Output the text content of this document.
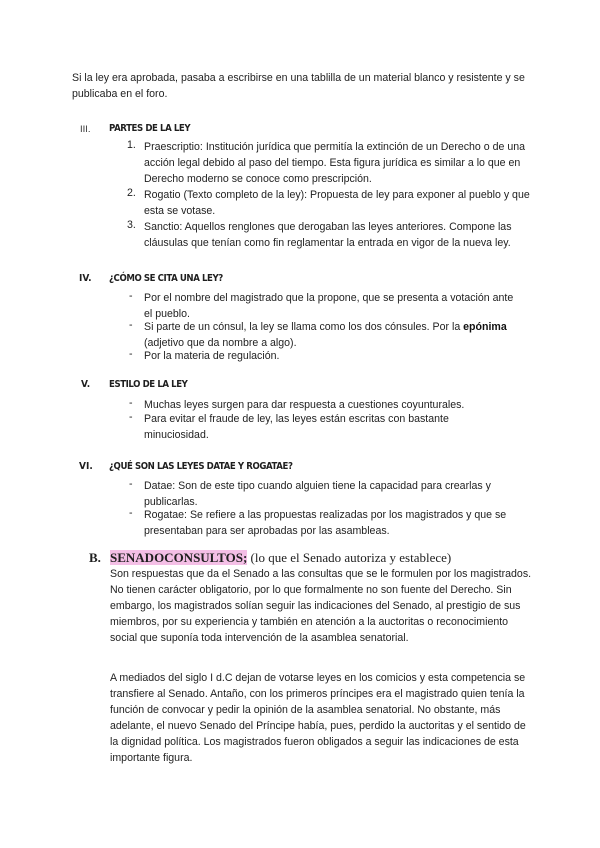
Si la ley era aprobada, pasaba a escribirse en una tablilla de un material blanco y resistente y se publicaba en el foro.
III. PARTES DE LA LEY
1. Praescriptio: Institución jurídica que permitía la extinción de un Derecho o de una acción legal debido al paso del tiempo. Esta figura jurídica es similar a lo que en Derecho moderno se conoce como prescripción.
2. Rogatio (Texto completo de la ley): Propuesta de ley para exponer al pueblo y que esta se votase.
3. Sanctio: Aquellos renglones que derogaban las leyes anteriores. Compone las cláusulas que tenían como fin reglamentar la entrada en vigor de la nueva ley.
IV. ¿CÓMO SE CITA UNA LEY?
- Por el nombre del magistrado que la propone, que se presenta a votación ante el pueblo.
- Si parte de un cónsul, la ley se llama como los dos cónsules. Por la epónima (adjetivo que da nombre a algo).
- Por la materia de regulación.
V. ESTILO DE LA LEY
- Muchas leyes surgen para dar respuesta a cuestiones coyunturales.
- Para evitar el fraude de ley, las leyes están escritas con bastante minuciosidad.
VI. ¿QUÉ SON LAS LEYES DATAE Y ROGATAE?
- Datae: Son de este tipo cuando alguien tiene la capacidad para crearlas y publicarlas.
- Rogatae: Se refiere a las propuestas realizadas por los magistrados y que se presentaban para ser aprobadas por las asambleas.
B. SENADOCONSULTOS; (lo que el Senado autoriza y establece)
Son respuestas que da el Senado a las consultas que se le formulen por los magistrados. No tienen carácter obligatorio, por lo que formalmente no son fuente del Derecho. Sin embargo, los magistrados solían seguir las indicaciones del Senado, al prestigio de sus miembros, por su experiencia y también en atención a la auctoritas o reconocimiento social que suponía toda intervención de la asamblea senatorial.
A mediados del siglo I d.C dejan de votarse leyes en los comicios y esta competencia se transfiere al Senado. Antaño, con los primeros príncipes era el magistrado quien tenía la función de convocar y pedir la opinión de la asamblea senatorial. No obstante, más adelante, el nuevo Senado del Príncipe había, pues, perdido la auctoritas y el sentido de la dignidad política. Los magistrados fueron obligados a seguir las indicaciones de esta importante figura.
